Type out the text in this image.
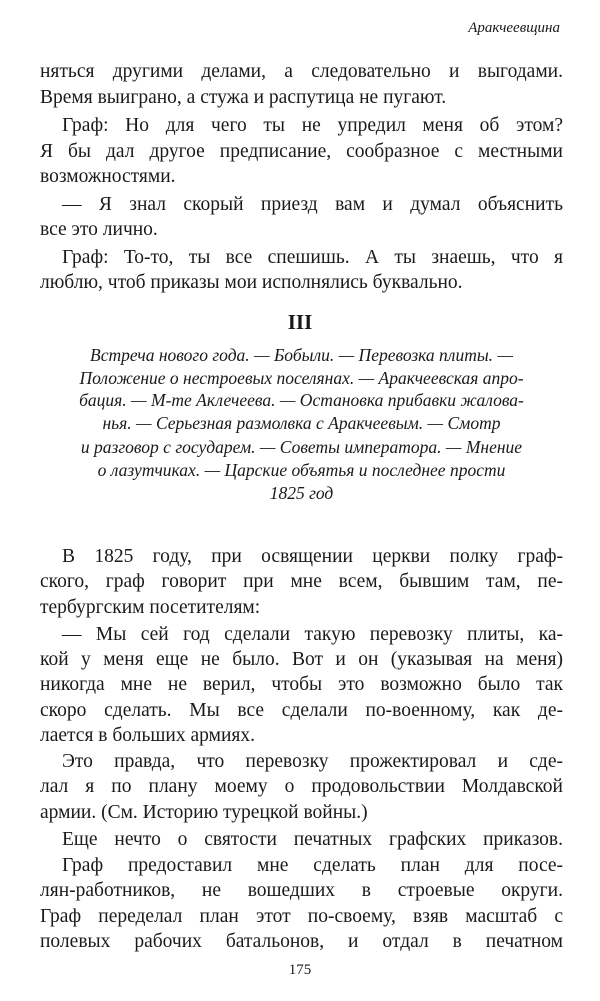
Аракчеевщина
няться другими делами, а следовательно и выгодами.
Время выиграно, а стужа и распутица не пугают.
Граф: Но для чего ты не упредил меня об этом?
Я бы дал другое предписание, сообразное с местными
возможностями.
— Я знал скорый приезд вам и думал объяснить
все это лично.
Граф: То-то, ты все спешишь. А ты знаешь, что я
люблю, чтоб приказы мои исполнялись буквально.
III
Встреча нового года. — Бобыли. — Перевозка плиты. —
Положение о нестроевых поселянах. — Аракчеевская апро-
бация. — М-те Аклечеева. — Остановка прибавки жалова-
нья. — Серьезная размолвка с Аракчеевым. — Смотр
и разговор с государем. — Советы императора. — Мнение
о лазутчиках. — Царские объятья и последнее прости
1825 год
В 1825 году, при освящении церкви полку граф-
ского, граф говорит при мне всем, бывшим там, пе-
тербургским посетителям:
— Мы сей год сделали такую перевозку плиты, ка-
кой у меня еще не было. Вот и он (указывая на меня)
никогда мне не верил, чтобы это возможно было так
скоро сделать. Мы все сделали по-военному, как де-
лается в больших армиях.
Это правда, что перевозку прожектировал и сде-
лал я по плану моему о продовольствии Молдавской
армии. (См. Историю турецкой войны.)
Еще нечто о святости печатных графских приказов.
Граф предоставил мне сделать план для посе-
лян-работников, не вошедших в строевые округи.
Граф переделал план этот по-своему, взяв масштаб с
полевых рабочих батальонов, и отдал в печатном
175
